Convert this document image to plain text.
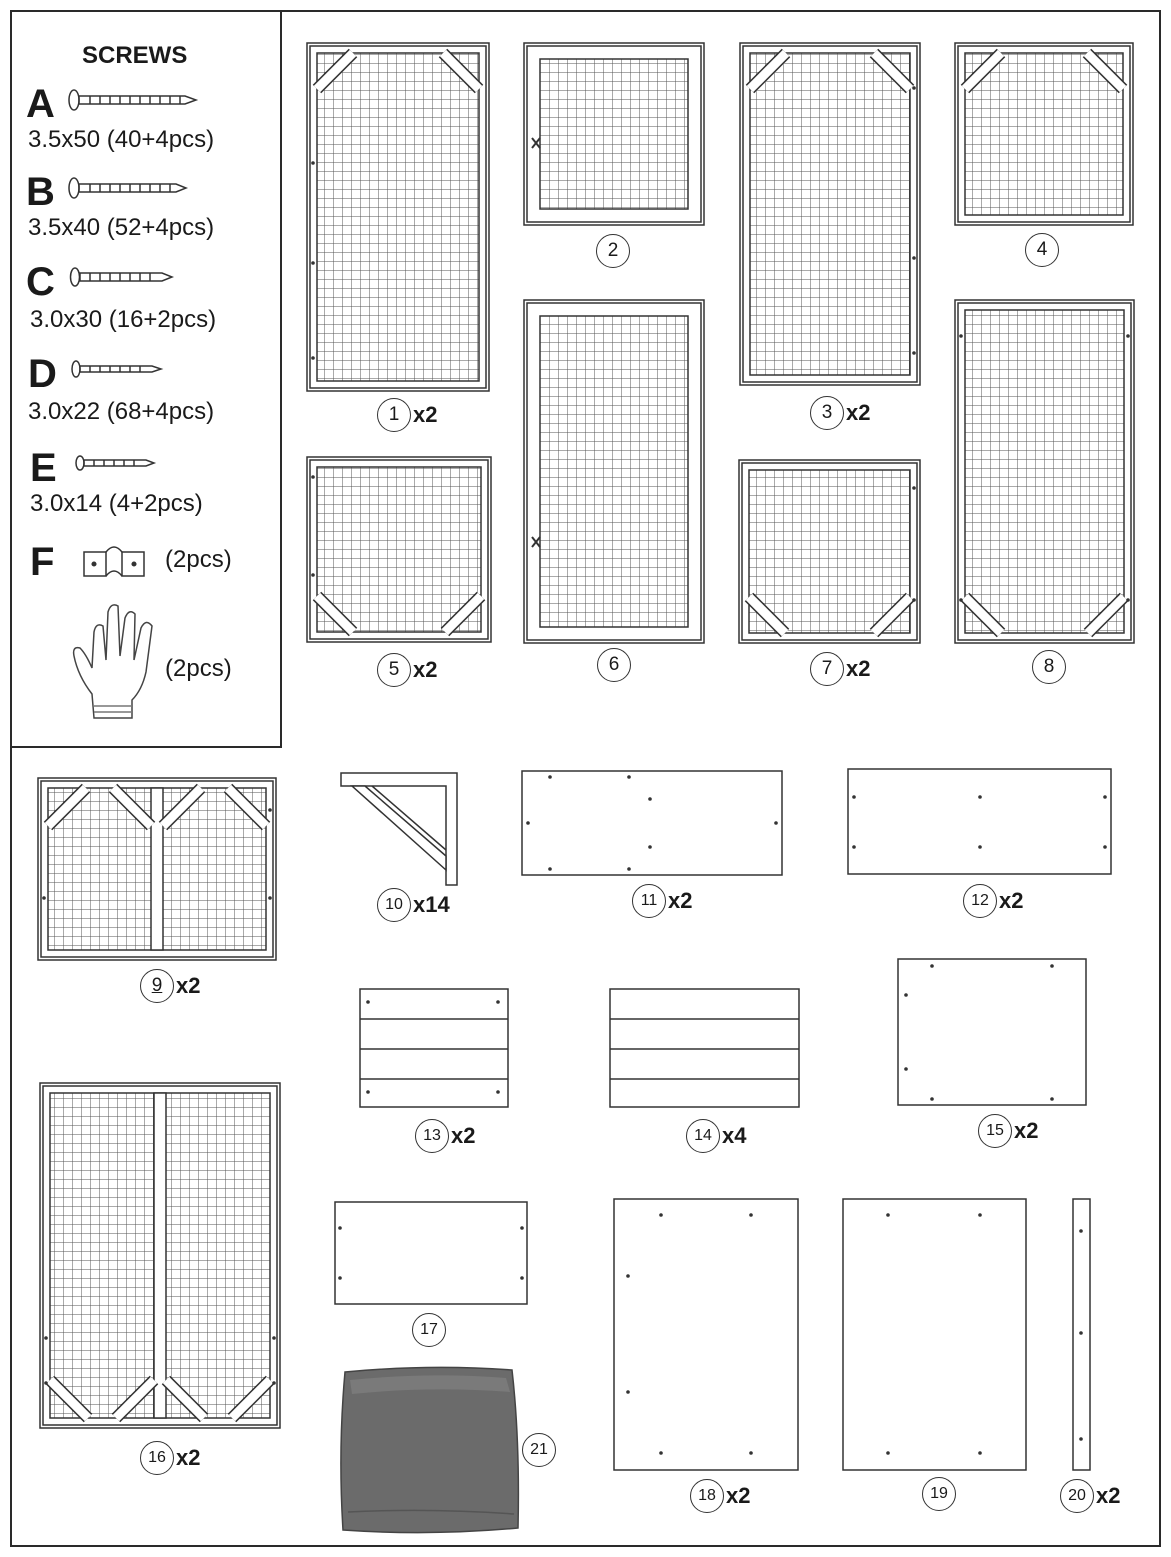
SCREWS
A
3.5x50 (40+4pcs)
B
3.5x40 (52+4pcs)
C
3.0x30 (16+2pcs)
D
3.0x22 (68+4pcs)
E
3.0x14 (4+2pcs)
F	(2pcs)
(2pcs)
1 x2
2
3 x2
4
5 x2	6	7 x2	8
9 x2
10 x14	11 x2	12 x2
13 x2	14 x4	15 x2
16 x2
17
18 x2	19	20 x2
21
